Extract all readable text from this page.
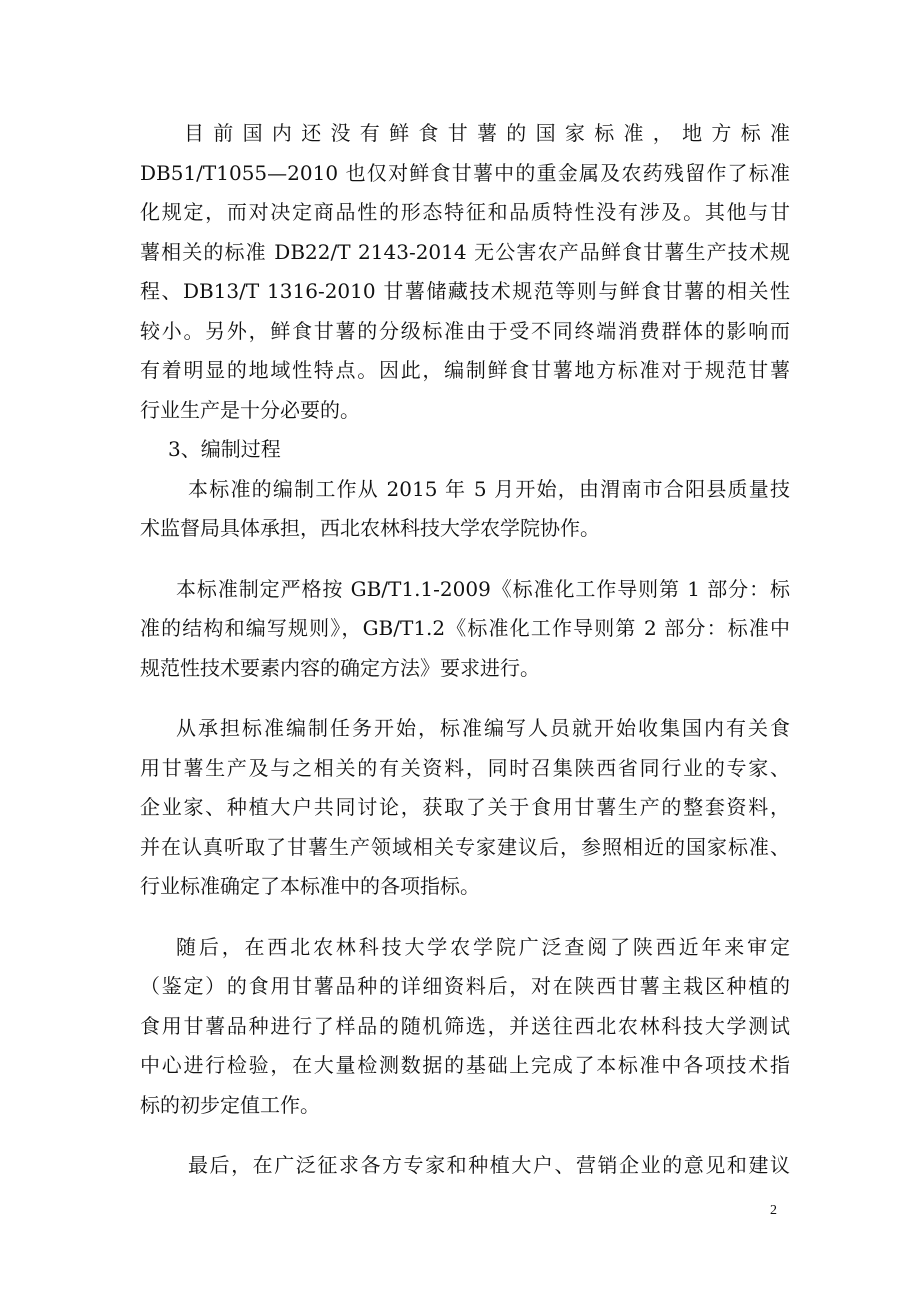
目前国内还没有鲜食甘薯的国家标准，地方标准
DB51/T1055—2010 也仅对鲜食甘薯中的重金属及农药残留作了标准
化规定，而对决定商品性的形态特征和品质特性没有涉及。其他与甘
薯相关的标准 DB22/T 2143-2014 无公害农产品鲜食甘薯生产技术规
程、DB13/T 1316-2010 甘薯储藏技术规范等则与鲜食甘薯的相关性
较小。另外，鲜食甘薯的分级标准由于受不同终端消费群体的影响而
有着明显的地域性特点。因此，编制鲜食甘薯地方标准对于规范甘薯
行业生产是十分必要的。

3、编制过程

本标准的编制工作从 2015 年 5 月开始，由渭南市合阳县质量技
术监督局具体承担，西北农林科技大学农学院协作。

本标准制定严格按 GB/T1.1-2009《标准化工作导则第 1 部分：标
准的结构和编写规则》，GB/T1.2《标准化工作导则第 2 部分：标准中
规范性技术要素内容的确定方法》要求进行。

从承担标准编制任务开始，标准编写人员就开始收集国内有关食
用甘薯生产及与之相关的有关资料，同时召集陕西省同行业的专家、
企业家、种植大户共同讨论，获取了关于食用甘薯生产的整套资料，
并在认真听取了甘薯生产领域相关专家建议后，参照相近的国家标准、
行业标准确定了本标准中的各项指标。

随后，在西北农林科技大学农学院广泛查阅了陕西近年来审定
（鉴定）的食用甘薯品种的详细资料后，对在陕西甘薯主栽区种植的
食用甘薯品种进行了样品的随机筛选，并送往西北农林科技大学测试
中心进行检验，在大量检测数据的基础上完成了本标准中各项技术指
标的初步定值工作。

最后，在广泛征求各方专家和种植大户、营销企业的意见和建议

2
